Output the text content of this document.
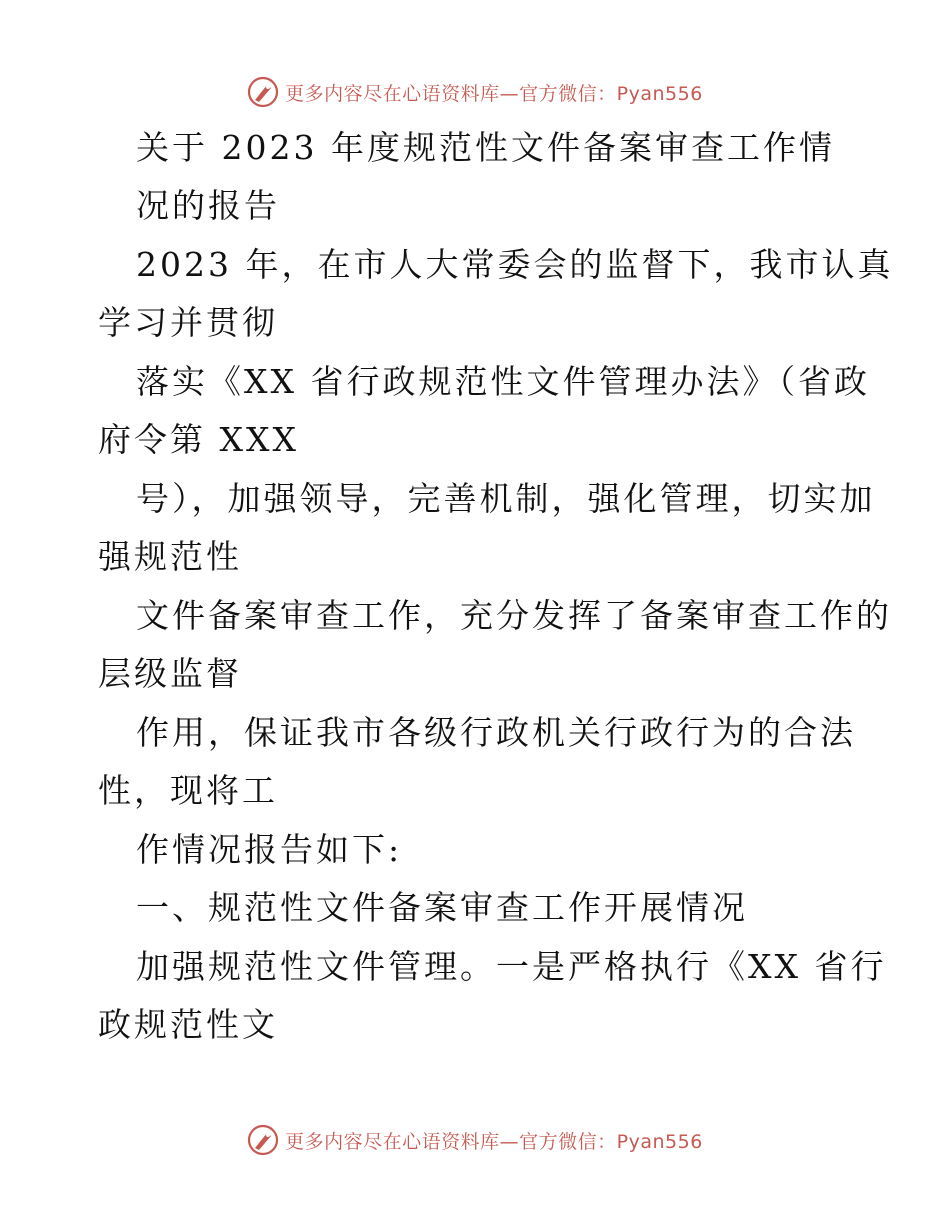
更多内容尽在心语资料库—官方微信：Pyan556
关于 2023 年度规范性文件备案审查工作情
况的报告
2023 年，在市人大常委会的监督下，我市认真
学习并贯彻
落实《XX 省行政规范性文件管理办法》（省政
府令第 XXX
号），加强领导，完善机制，强化管理，切实加
强规范性
文件备案审查工作，充分发挥了备案审查工作的
层级监督
作用，保证我市各级行政机关行政行为的合法
性，现将工
作情况报告如下:
一、规范性文件备案审查工作开展情况
加强规范性文件管理。一是严格执行《XX 省行
政规范性文
更多内容尽在心语资料库—官方微信：Pyan556
